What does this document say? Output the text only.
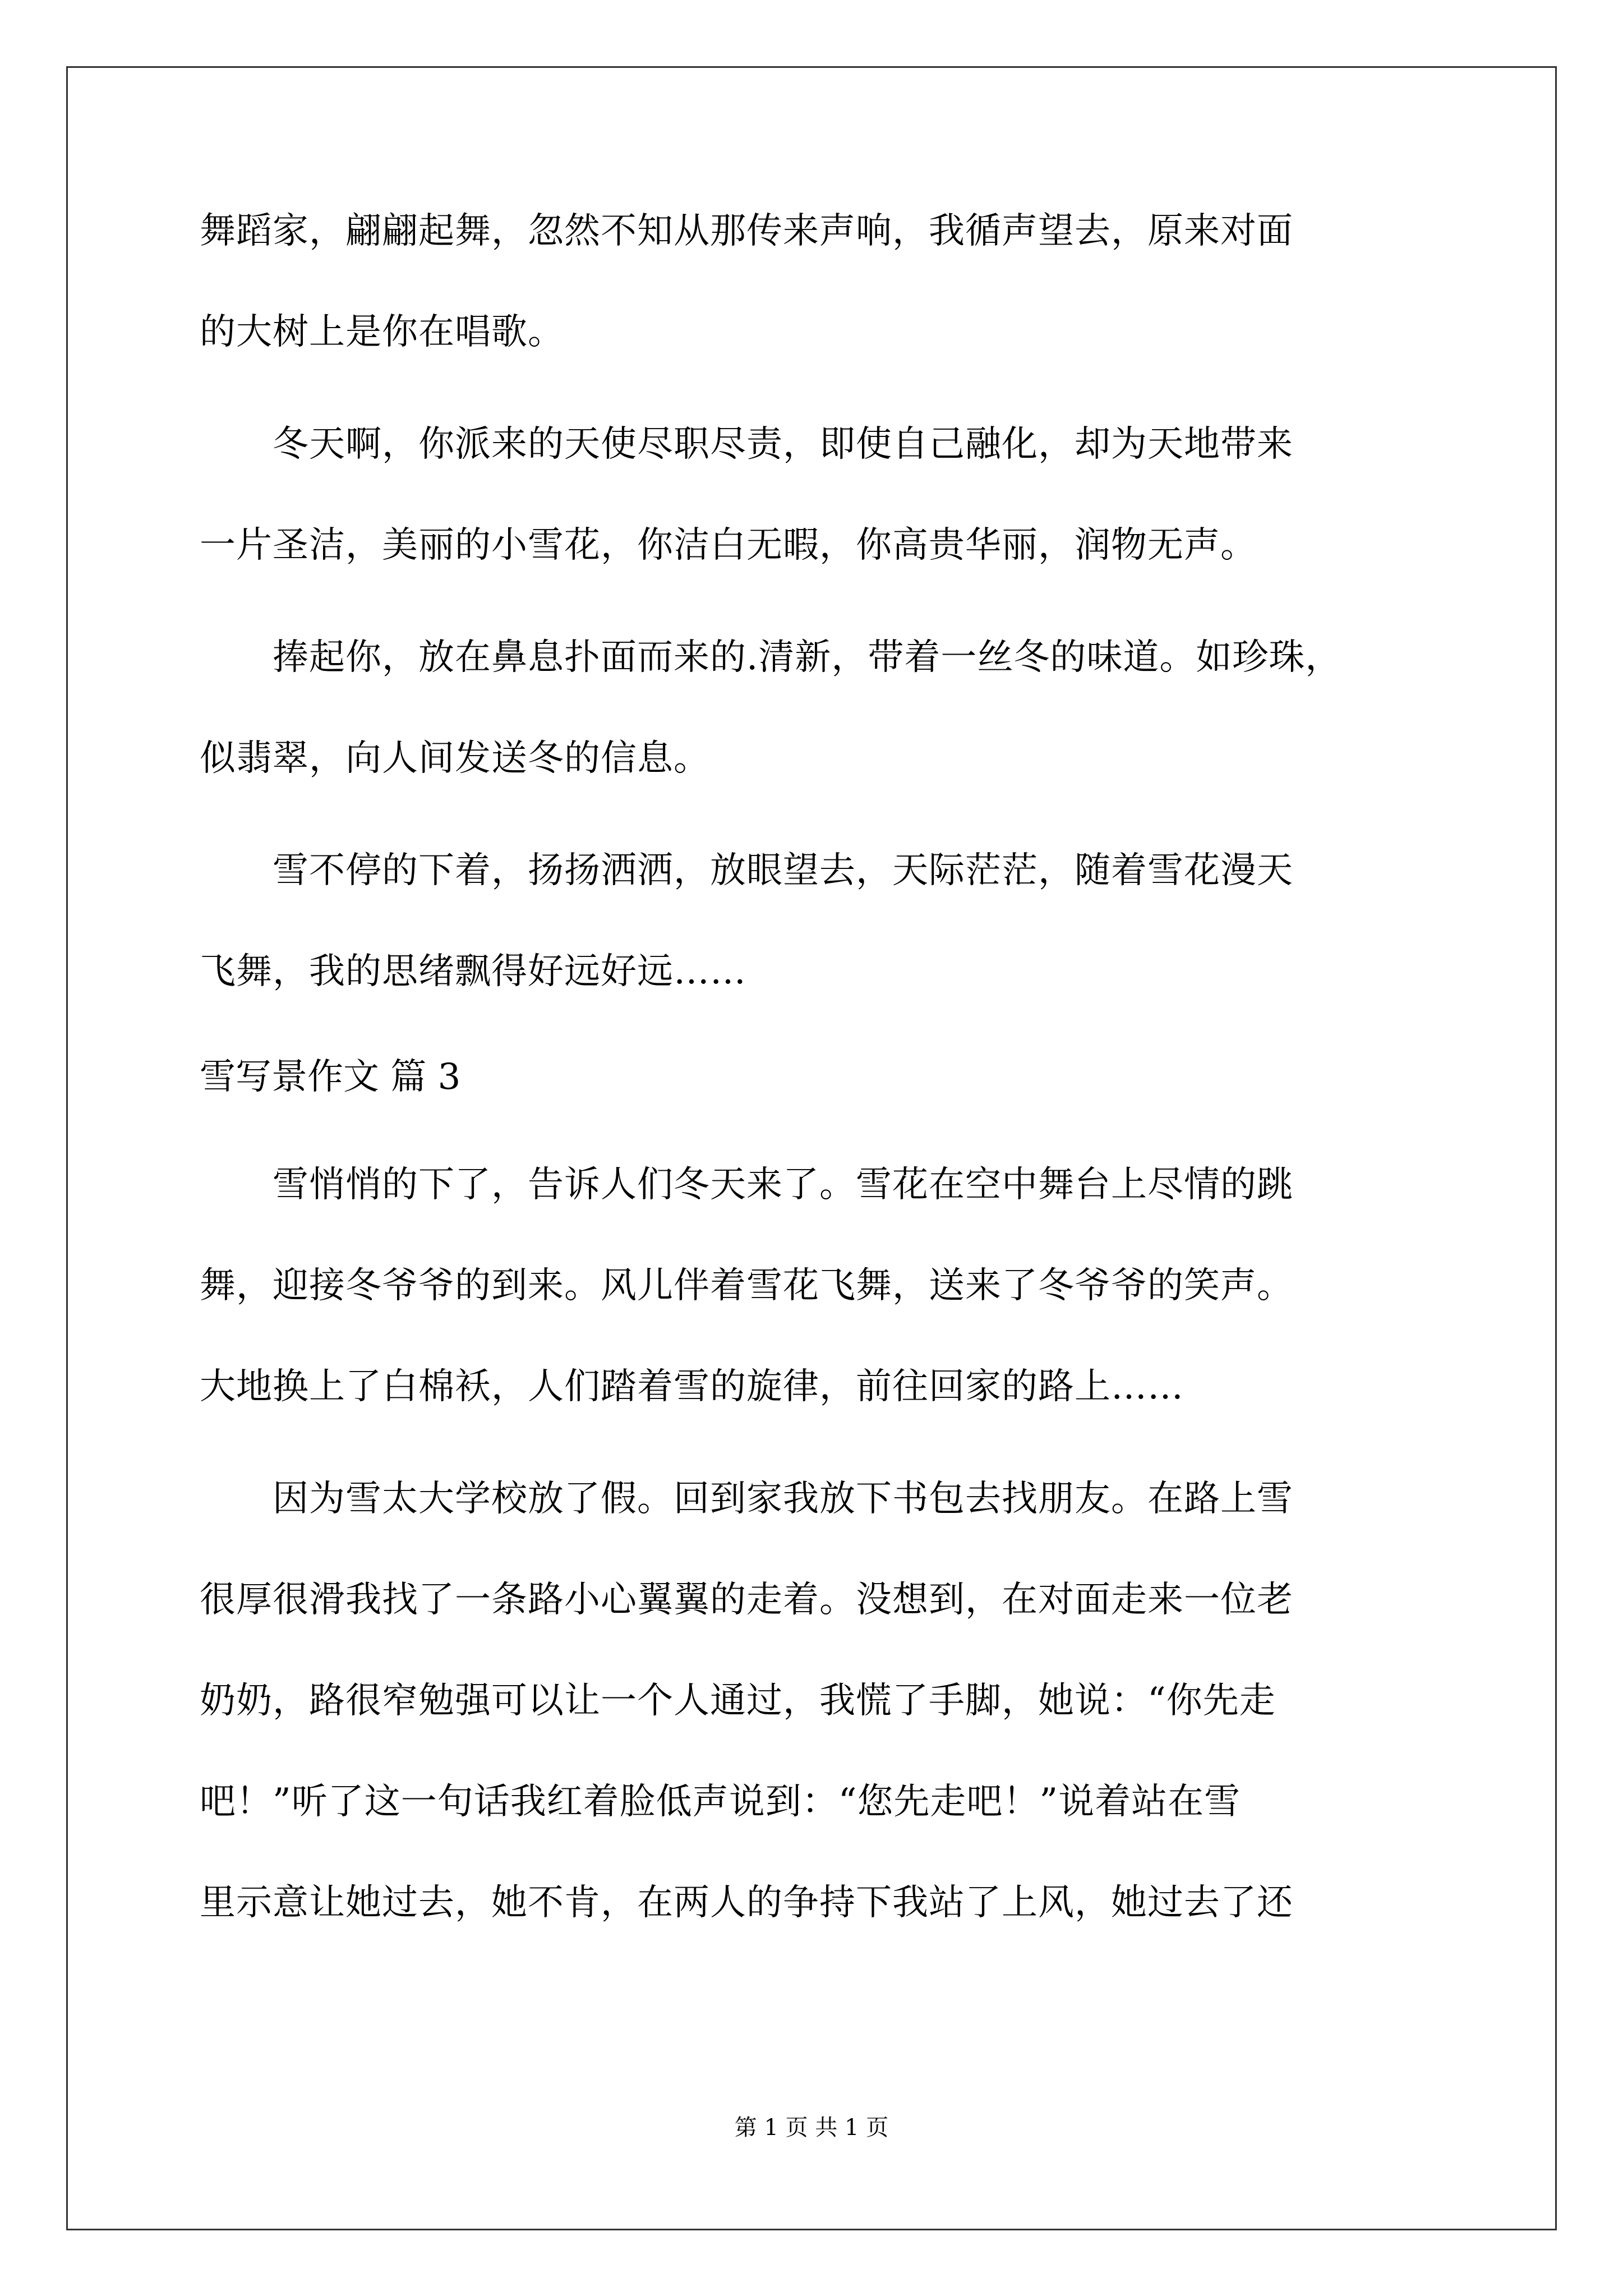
舞蹈家，翩翩起舞，忽然不知从那传来声响，我循声望去，原来对面
的大树上是你在唱歌。
　　冬天啊，你派来的天使尽职尽责，即使自己融化，却为天地带来
一片圣洁，美丽的小雪花，你洁白无暇，你高贵华丽，润物无声。
　　捧起你，放在鼻息扑面而来的.清新，带着一丝冬的味道。如珍珠，
似翡翠，向人间发送冬的信息。
　　雪不停的下着，扬扬洒洒，放眼望去，天际茫茫，随着雪花漫天
飞舞，我的思绪飘得好远好远……
雪写景作文 篇 3
　　雪悄悄的下了，告诉人们冬天来了。雪花在空中舞台上尽情的跳
舞，迎接冬爷爷的到来。风儿伴着雪花飞舞，送来了冬爷爷的笑声。
大地换上了白棉袄，人们踏着雪的旋律，前往回家的路上……
　　因为雪太大学校放了假。回到家我放下书包去找朋友。在路上雪
很厚很滑我找了一条路小心翼翼的走着。没想到，在对面走来一位老
奶奶，路很窄勉强可以让一个人通过，我慌了手脚，她说：“你先走
吧！”听了这一句话我红着脸低声说到：“您先走吧！”说着站在雪
里示意让她过去，她不肯，在两人的争持下我站了上风，她过去了还
第 1 页 共 1 页
